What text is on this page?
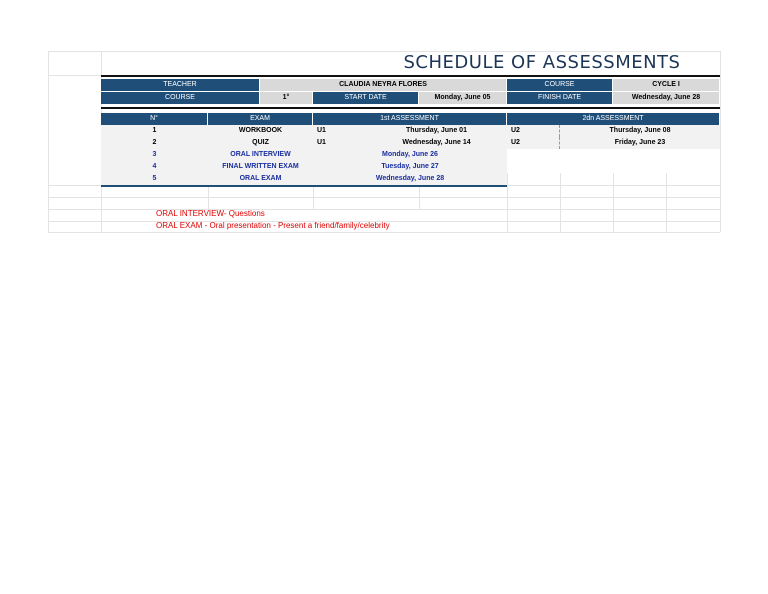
SCHEDULE OF ASSESSMENTS
TEACHER	CLAUDIA NEYRA FLORES	COURSE	CYCLE I
COURSE	1°	START DATE	Monday, June 05	FINISH DATE	Wednesday, June 28
N°	EXAM	1st ASSESSMENT	2dn ASSESSMENT
1	WORKBOOK	U1	Thursday, June 01	U2	Thursday, June 08
2	QUIZ	U1	Wednesday, June 14	U2	Friday, June 23
3	ORAL INTERVIEW	Monday, June 26
4	FINAL WRITTEN EXAM	Tuesday, June 27
5	ORAL EXAM	Wednesday, June 28
ORAL INTERVIEW- Questions
ORAL EXAM - Oral presentation - Present a friend/family/celebrity
